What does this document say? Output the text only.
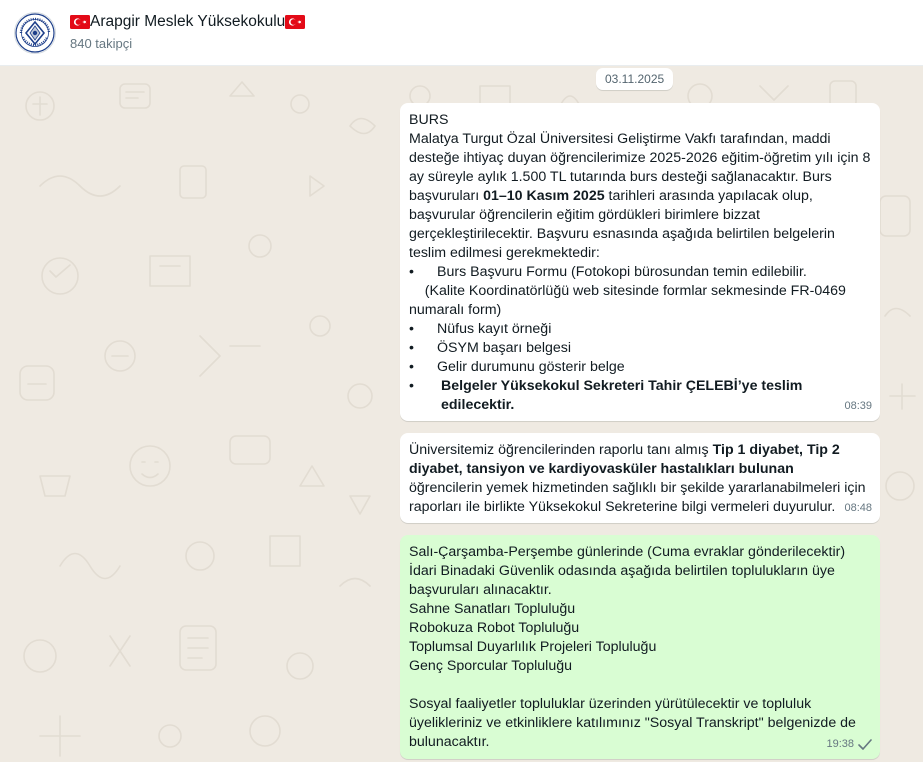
Arapgir Meslek Yüksekokulu
840 takipçi
03.11.2025
BURS
Malatya Turgut Özal Üniversitesi Geliştirme Vakfı tarafından, maddi desteğe ihtiyaç duyan öğrencilerimize 2025-2026 eğitim-öğretim yılı için 8 ay süreyle aylık 1.500 TL tutarında burs desteği sağlanacaktır. Burs başvuruları 01–10 Kasım 2025 tarihleri arasında yapılacak olup, başvurular öğrencilerin eğitim gördükleri birimlere bizzat gerçekleştirilecektir. Başvuru esnasında aşağıda belirtilen belgelerin teslim edilmesi gerekmektedir:
•	Burs Başvuru Formu (Fotokopi bürosundan temin edilebilir.
(Kalite Koordinatörlüğü web sitesinde formlar sekmesinde FR-0469 numaralı form)
•	Nüfus kayıt örneği
•	ÖSYM başarı belgesi
•	Gelir durumunu gösterir belge
•	Belgeler Yüksekokul Sekreteri Tahir ÇELEBİ’ye teslim edilecektir.	08:39
Üniversitemiz öğrencilerinden raporlu tanı almış Tip 1 diyabet, Tip 2 diyabet, tansiyon ve kardiyovasküler hastalıkları bulunan öğrencilerin yemek hizmetinden sağlıklı bir şekilde yararlanabilmeleri için raporları ile birlikte Yüksekokul Sekreterine bilgi vermeleri duyurulur. 08:48
Salı-Çarşamba-Perşembe günlerinde (Cuma evraklar gönderilecektir) İdari Binadaki Güvenlik odasında aşağıda belirtilen toplulukların üye başvuruları alınacaktır.
Sahne Sanatları Topluluğu
Robokuza Robot Topluluğu
Toplumsal Duyarlılık Projeleri Topluluğu
Genç Sporcular Topluluğu
Sosyal faaliyetler topluluklar üzerinden yürütülecektir ve topluluk üyelikleriniz ve etkinliklere katılımınız "Sosyal Transkript" belgenizde de bulunacaktır.	19:38
